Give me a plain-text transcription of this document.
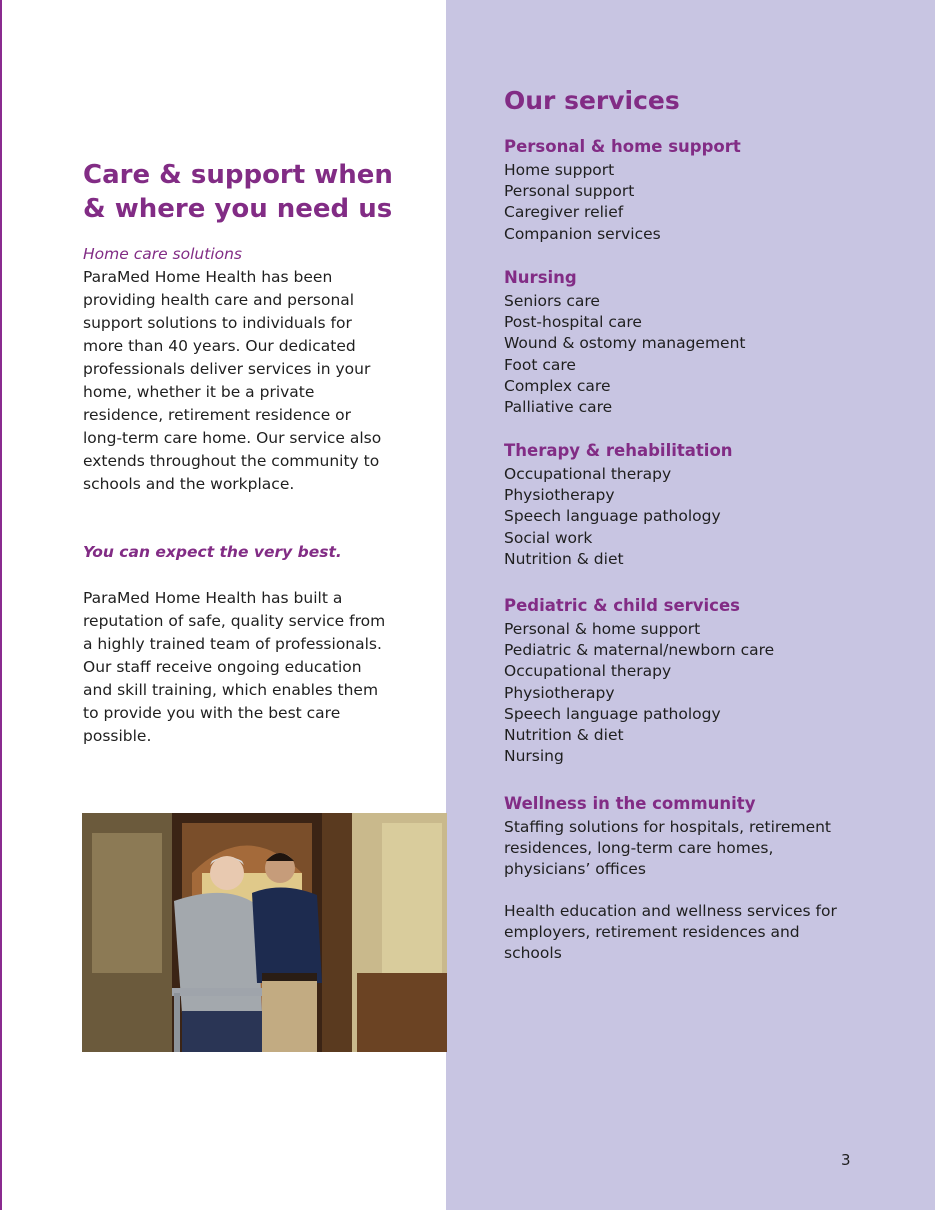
Care & support when & where you need us

Home care solutions

ParaMed Home Health has been providing health care and personal support solutions to individuals for more than 40 years. Our dedicated professionals deliver services in your home, whether it be a private residence, retirement residence or long-term care home. Our service also extends throughout the community to schools and the workplace.

You can expect the very best.

ParaMed Home Health has built a reputation of safe, quality service from a highly trained team of professionals. Our staff receive ongoing education and skill training, which enables them to provide you with the best care possible.

Our services
Personal & home support
Home support
Personal support
Caregiver relief
Companion services
Nursing
Seniors care
Post-hospital care
Wound & ostomy management
Foot care
Complex care
Palliative care
Therapy & rehabilitation
Occupational therapy
Physiotherapy
Speech language pathology
Social work
Nutrition & diet
Pediatric & child services
Personal & home support
Pediatric & maternal/newborn care
Occupational therapy
Physiotherapy
Speech language pathology
Nutrition & diet
Nursing
Wellness in the community

Staffing solutions for hospitals, retirement residences, long-term care homes, physicians’ offices

Health education and wellness services for employers, retirement residences and schools

3
